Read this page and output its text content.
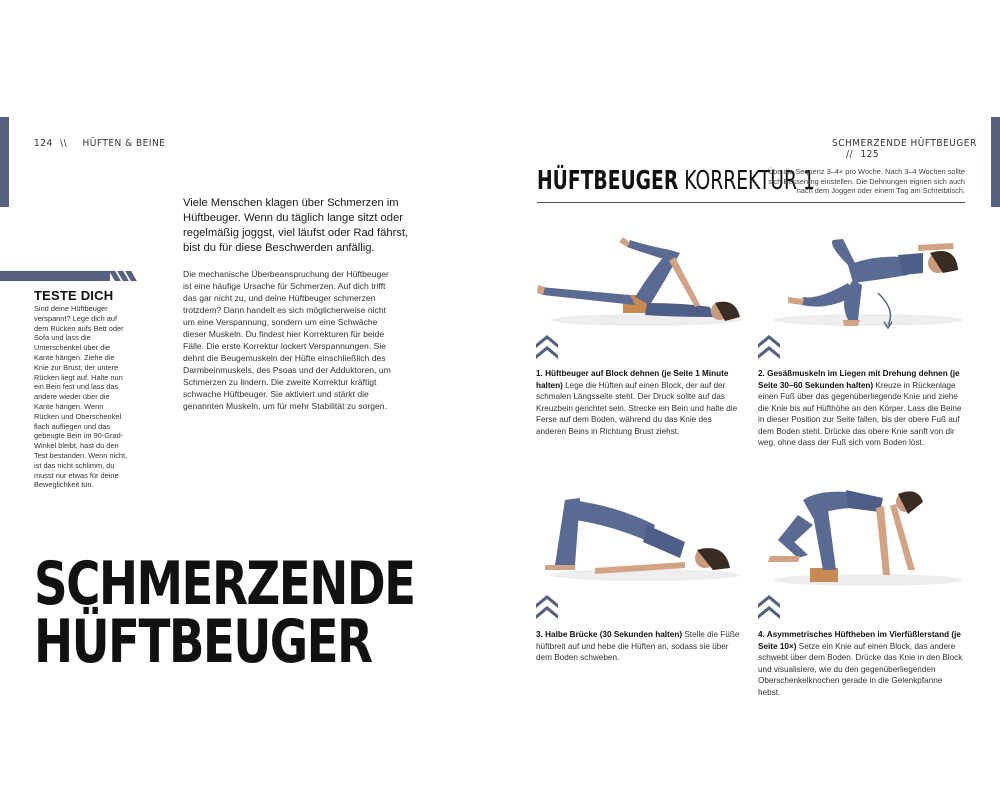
124 \\ HÜFTEN & BEINE	SCHMERZENDE HÜFTBEUGER // 125
Viele Menschen klagen über Schmerzen im Hüftbeuger. Wenn du täglich lange sitzt oder regelmäßig joggst, viel läufst oder Rad fährst, bist du für diese Beschwerden anfällig.
Die mechanische Überbeanspruchung der Hüftbeuger ist eine häufige Ursache für Schmerzen. Auf dich trifft das gar nicht zu, und deine Hüftbeuger schmerzen trotzdem? Dann handelt es sich möglicherweise nicht um eine Verspannung, sondern um eine Schwäche dieser Muskeln. Du findest hier Korrekturen für beide Fälle. Die erste Korrektur lockert Verspannungen. Sie dehnt die Beugemuskeln der Hüfte einschließlich des Darmbeinmuskels, des Psoas und der Adduktoren, um Schmerzen zu lindern. Die zweite Korrektur kräftigt schwache Hüftbeuger. Sie aktiviert und stärkt die genannten Muskeln, um für mehr Stabilität zu sorgen.
TESTE DICH
Sind deine Hüftbeuger verspannt? Lege dich auf dem Rücken aufs Bett oder Sofa und lass die Unterschenkel über die Kante hängen. Ziehe die Knie zur Brust; der untere Rücken liegt auf. Halte nun ein Bein fest und lass das andere wieder über die Kante hängen. Wenn Rücken und Oberschenkel flach aufliegen und das gebeugte Bein im 90-Grad-Winkel bleibt, hast du den Test bestanden. Wenn nicht, ist das nicht schlimm, du musst nur etwas für deine Beweglichkeit tun.
SCHMERZENDE
HÜFTBEUGER
HÜFTBEUGER KORREKTUR 1
Übe die Sequenz 3–4× pro Woche. Nach 3–4 Wochen sollte sich Besserung einstellen. Die Dehnungen eignen sich auch nach dem Joggen oder einem Tag am Schreibtisch.
1. Hüftbeuger auf Block dehnen (je Seite 1 Minute halten) Lege die Hüften auf einen Block, der auf der schmalen Längsseite steht. Der Druck sollte auf das Kreuzbein gerichtet sein. Strecke ein Bein und halte die Ferse auf dem Boden, während du das Knie des anderen Beins in Richtung Brust ziehst.
2. Gesäßmuskeln im Liegen mit Drehung dehnen (je Seite 30–60 Sekunden halten) Kreuze in Rückenlage einen Fuß über das gegenüberliegende Knie und ziehe die Knie bis auf Hüfthöhe an den Körper. Lass die Beine in dieser Position zur Seite fallen, bis der obere Fuß auf dem Boden steht. Drücke das obere Knie sanft von dir weg, ohne dass der Fuß sich vom Boden löst.
3. Halbe Brücke (30 Sekunden halten) Stelle die Füße hüftbreit auf und hebe die Hüften an, sodass sie über dem Boden schweben.
4. Asymmetrisches Hüftheben im Vierfüßlerstand (je Seite 10×) Setze ein Knie auf einen Block, das andere schwebt über dem Boden. Drücke das Knie in den Block und visualisiere, wie du den gegenüberliegenden Oberschenkelknochen gerade in die Gelenkpfanne hebst.
